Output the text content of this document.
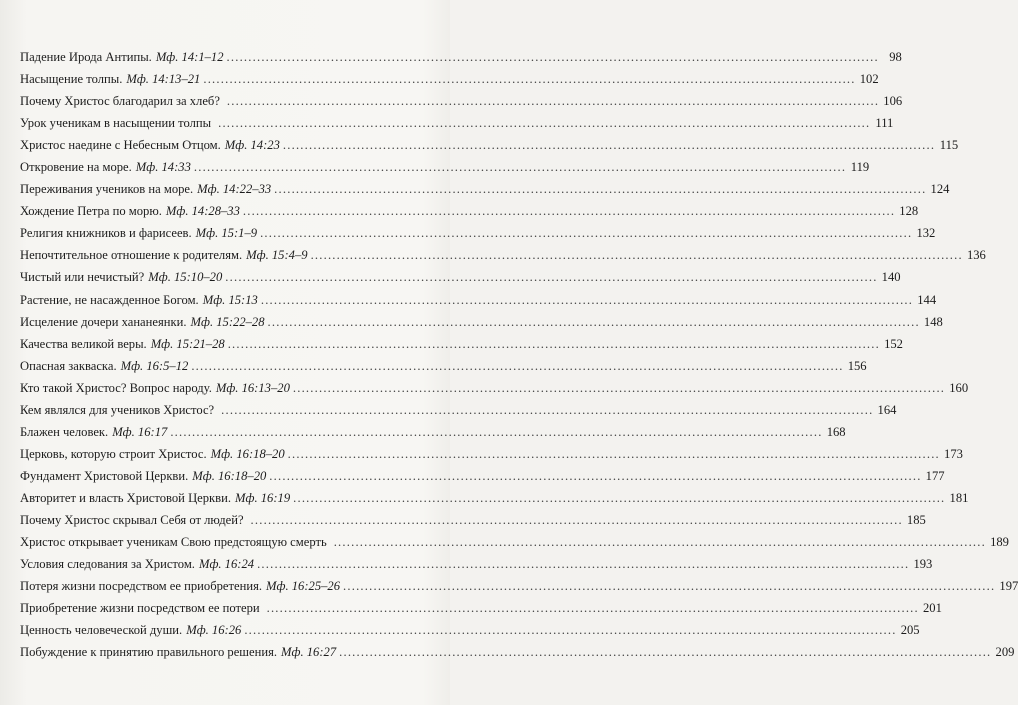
Падение Ирода Антипы. Мф. 14:1–12 .....	98
Насыщение толпы. Мф. 14:13–21 .....	102
Почему Христос благодарил за хлеб? .....	106
Урок ученикам в насыщении толпы .....	111
Христос наедине с Небесным Отцом. Мф. 14:23 .....	115
Откровение на море. Мф. 14:33 .....	119
Переживания учеников на море. Мф. 14:22–33 .....	124
Хождение Петра по морю. Мф. 14:28–33 .....	128
Религия книжников и фарисеев. Мф. 15:1–9 .....	132
Непочтительное отношение к родителям. Мф. 15:4–9 .....	136
Чистый или нечистый? Мф. 15:10–20 .....	140
Растение, не насажденное Богом. Мф. 15:13 .....	144
Исцеление дочери хананеянки. Мф. 15:22–28 .....	148
Качества великой веры. Мф. 15:21–28 .....	152
Опасная закваска. Мф. 16:5–12 .....	156
Кто такой Христос? Вопрос народу. Мф. 16:13–20 .....	160
Кем являлся для учеников Христос? .....	164
Блажен человек. Мф. 16:17 .....	168
Церковь, которую строит Христос. Мф. 16:18–20 .....	173
Фундамент Христовой Церкви. Мф. 16:18–20 .....	177
Авторитет и власть Христовой Церкви. Мф. 16:19 .....	181
Почему Христос скрывал Себя от людей? .....	185
Христос открывает ученикам Свою предстоящую смерть .....	189
Условия следования за Христом. Мф. 16:24 .....	193
Потеря жизни посредством ее приобретения. Мф. 16:25–26 .....	197
Приобретение жизни посредством ее потери .....	201
Ценность человеческой души. Мф. 16:26 .....	205
Побуждение к принятию правильного решения. Мф. 16:27 .....	209
